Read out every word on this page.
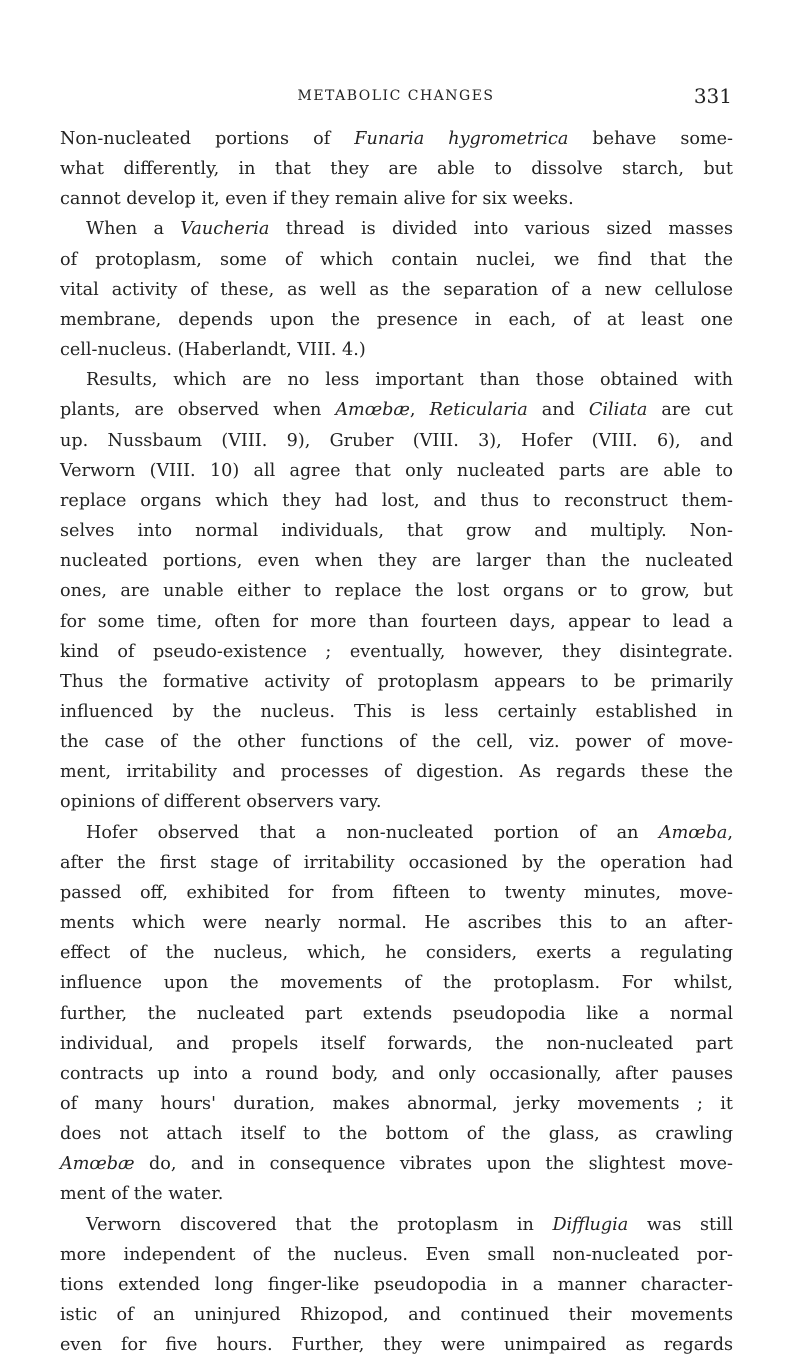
METABOLIC CHANGES	331
Non-nucleated portions of Funaria hygrometrica behave some-
what differently, in that they are able to dissolve starch, but
cannot develop it, even if they remain alive for six weeks.
When a Vaucheria thread is divided into various sized masses
of protoplasm, some of which contain nuclei, we find that the
vital activity of these, as well as the separation of a new cellulose
membrane, depends upon the presence in each, of at least one
cell-nucleus. (Haberlandt, VIII. 4.)
Results, which are no less important than those obtained with
plants, are observed when Amœbæ, Reticularia and Ciliata are cut
up. Nussbaum (VIII. 9), Gruber (VIII. 3), Hofer (VIII. 6), and
Verworn (VIII. 10) all agree that only nucleated parts are able to
replace organs which they had lost, and thus to reconstruct them-
selves into normal individuals, that grow and multiply. Non-
nucleated portions, even when they are larger than the nucleated
ones, are unable either to replace the lost organs or to grow, but
for some time, often for more than fourteen days, appear to lead a
kind of pseudo-existence ; eventually, however, they disintegrate.
Thus the formative activity of protoplasm appears to be primarily
influenced by the nucleus. This is less certainly established in
the case of the other functions of the cell, viz. power of move-
ment, irritability and processes of digestion. As regards these the
opinions of different observers vary.
Hofer observed that a non-nucleated portion of an Amœba,
after the first stage of irritability occasioned by the operation had
passed off, exhibited for from fifteen to twenty minutes, move-
ments which were nearly normal. He ascribes this to an after-
effect of the nucleus, which, he considers, exerts a regulating
influence upon the movements of the protoplasm. For whilst,
further, the nucleated part extends pseudopodia like a normal
individual, and propels itself forwards, the non-nucleated part
contracts up into a round body, and only occasionally, after pauses
of many hours' duration, makes abnormal, jerky movements ; it
does not attach itself to the bottom of the glass, as crawling
Amœbæ do, and in consequence vibrates upon the slightest move-
ment of the water.
Verworn discovered that the protoplasm in Difflugia was still
more independent of the nucleus. Even small non-nucleated por-
tions extended long finger-like pseudopodia in a manner character-
istic of an uninjured Rhizopod, and continued their movements
even for five hours. Further, they were unimpaired as regards
